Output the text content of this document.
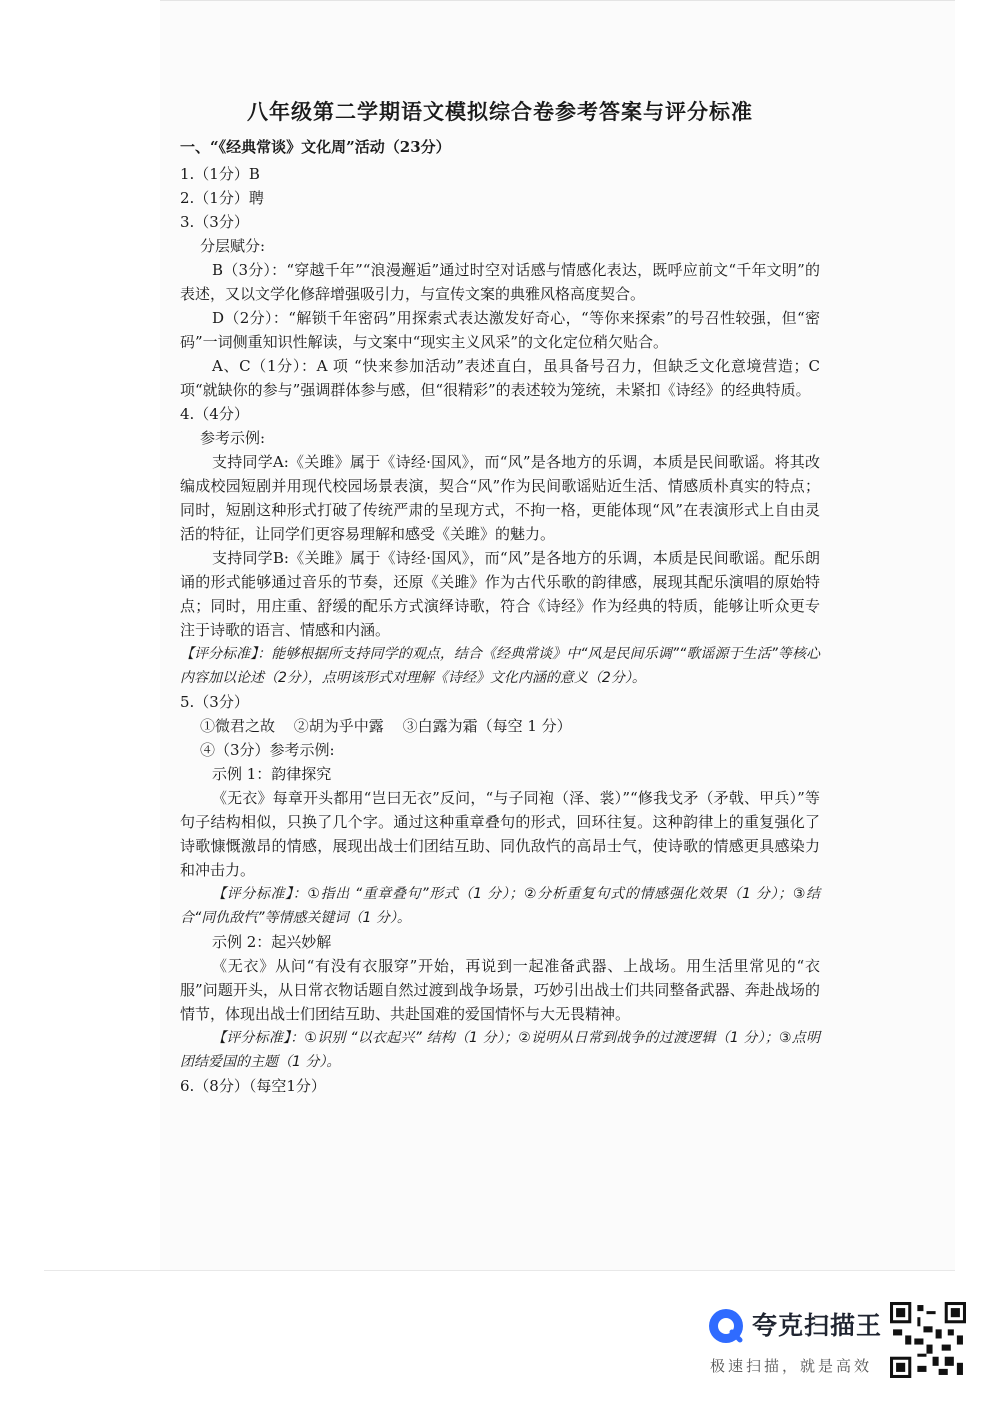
八年级第二学期语文模拟综合卷参考答案与评分标准
一、“《经典常谈》文化周”活动（23分）

1.（1分）B

2.（1分）聘

3.（3分）

分层赋分:

B（3分）：“穿越千年”“浪漫邂逅”通过时空对话感与情感化表达，既呼应前文“千年文明”的表述，又以文学化修辞增强吸引力，与宣传文案的典雅风格高度契合。

D（2分）：“解锁千年密码”用探索式表达激发好奇心，“等你来探索”的号召性较强，但“密码”一词侧重知识性解读，与文案中“现实主义风采”的文化定位稍欠贴合。

A、C（1分）：A 项 “快来参加活动”表述直白，虽具备号召力，但缺乏文化意境营造；C 项“就缺你的参与”强调群体参与感，但“很精彩”的表述较为笼统，未紧扣《诗经》的经典特质。

4.（4分）

参考示例:

支持同学A:《关雎》属于《诗经·国风》，而“风”是各地方的乐调，本质是民间歌谣。将其改编成校园短剧并用现代校园场景表演，契合“风”作为民间歌谣贴近生活、情感质朴真实的特点；同时，短剧这种形式打破了传统严肃的呈现方式，不拘一格，更能体现“风”在表演形式上自由灵活的特征，让同学们更容易理解和感受《关雎》的魅力。

支持同学B:《关雎》属于《诗经·国风》，而“风”是各地方的乐调，本质是民间歌谣。配乐朗诵的形式能够通过音乐的节奏，还原《关雎》作为古代乐歌的韵律感，展现其配乐演唱的原始特点；同时，用庄重、舒缓的配乐方式演绎诗歌，符合《诗经》作为经典的特质，能够让听众更专注于诗歌的语言、情感和内涵。

【评分标准】：能够根据所支持同学的观点，结合《经典常谈》中“风是民间乐调”“歌谣源于生活”等核心内容加以论述（2分），点明该形式对理解《诗经》文化内涵的意义（2分）。

5.（3分）

①微君之故 ②胡为乎中露 ③白露为霜（每空 1 分）

④（3分）参考示例:

示例 1：韵律探究

《无衣》每章开头都用“岂曰无衣”反问，“与子同袍（泽、裳）”“修我戈矛（矛戟、甲兵）”等句子结构相似，只换了几个字。通过这种重章叠句的形式，回环往复。这种韵律上的重复强化了诗歌慷慨激昂的情感，展现出战士们团结互助、同仇敌忾的高昂士气，使诗歌的情感更具感染力和冲击力。

【评分标准】：①指出 “重章叠句”形式（1 分）；②分析重复句式的情感强化效果（1 分）；③结合“同仇敌忾”等情感关键词（1 分）。

示例 2：起兴妙解

《无衣》从问“有没有衣服穿”开始，再说到一起准备武器、上战场。用生活里常见的“衣服”问题开头，从日常衣物话题自然过渡到战争场景，巧妙引出战士们共同整备武器、奔赴战场的情节，体现出战士们团结互助、共赴国难的爱国情怀与大无畏精神。

【评分标准】：①识别 “以衣起兴” 结构（1 分）；②说明从日常到战争的过渡逻辑（1 分）；③点明团结爱国的主题（1 分）。

6.（8分）（每空1分）

夸克扫描王
极速扫描，就是高效
